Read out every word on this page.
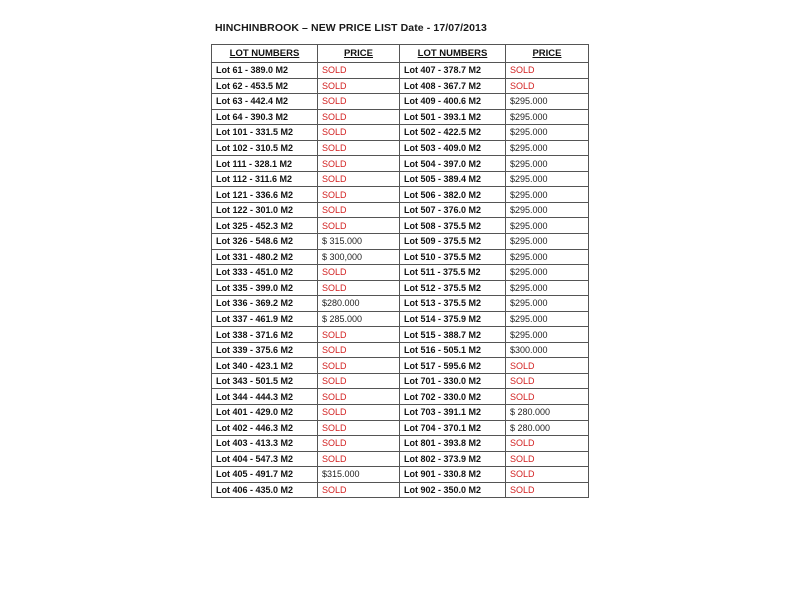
HINCHINBROOK – NEW PRICE LIST Date - 17/07/2013
LOT NUMBERS	PRICE	LOT NUMBERS	PRICE
Lot 61 - 389.0 M2	SOLD	Lot 407 - 378.7 M2	SOLD
Lot 62 - 453.5 M2	SOLD	Lot 408 - 367.7 M2	SOLD
Lot 63 - 442.4 M2	SOLD	Lot 409 - 400.6 M2	$295.000
Lot 64 - 390.3 M2	SOLD	Lot 501 - 393.1 M2	$295.000
Lot 101 - 331.5 M2	SOLD	Lot 502 - 422.5 M2	$295.000
Lot 102 - 310.5 M2	SOLD	Lot 503 - 409.0 M2	$295.000
Lot 111 - 328.1 M2	SOLD	Lot 504 - 397.0 M2	$295.000
Lot 112 - 311.6 M2	SOLD	Lot 505 - 389.4 M2	$295.000
Lot 121 - 336.6 M2	SOLD	Lot 506 - 382.0 M2	$295.000
Lot 122 - 301.0 M2	SOLD	Lot 507 - 376.0 M2	$295.000
Lot 325 - 452.3 M2	SOLD	Lot 508 - 375.5 M2	$295.000
Lot 326 - 548.6 M2	$ 315.000	Lot 509 - 375.5 M2	$295.000
Lot 331 - 480.2 M2	$ 300,000	Lot 510 - 375.5 M2	$295.000
Lot 333 - 451.0 M2	SOLD	Lot 511 - 375.5 M2	$295.000
Lot 335 - 399.0 M2	SOLD	Lot 512 - 375.5 M2	$295.000
Lot 336 - 369.2 M2	$280.000	Lot 513 - 375.5 M2	$295.000
Lot 337 - 461.9 M2	$ 285.000	Lot 514 - 375.9 M2	$295.000
Lot 338 - 371.6 M2	SOLD	Lot 515 - 388.7 M2	$295.000
Lot 339 - 375.6 M2	SOLD	Lot 516 - 505.1 M2	$300.000
Lot 340 - 423.1 M2	SOLD	Lot 517 - 595.6 M2	SOLD
Lot 343 - 501.5 M2	SOLD	Lot 701 - 330.0 M2	SOLD
Lot 344 - 444.3 M2	SOLD	Lot 702 - 330.0 M2	SOLD
Lot 401 - 429.0 M2	SOLD	Lot 703 - 391.1 M2	$ 280.000
Lot 402 - 446.3 M2	SOLD	Lot 704 - 370.1 M2	$ 280.000
Lot 403 - 413.3 M2	SOLD	Lot 801 - 393.8 M2	SOLD
Lot 404 - 547.3 M2	SOLD	Lot 802 - 373.9 M2	SOLD
Lot 405 - 491.7 M2	$315.000	Lot 901 - 330.8 M2	SOLD
Lot 406 - 435.0 M2	SOLD	Lot 902 - 350.0 M2	SOLD
